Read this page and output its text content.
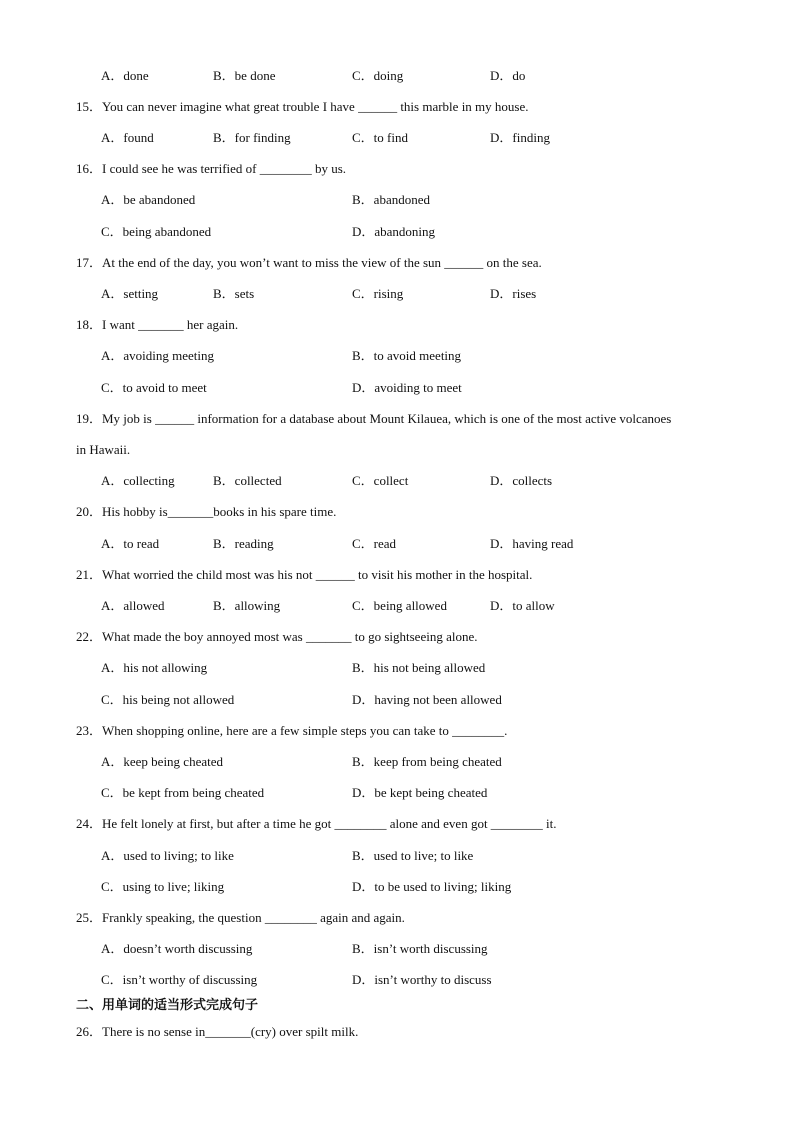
A．done	B．be done	C．doing	D．do
15．You can never imagine what great trouble I have ______ this marble in my house.
A．found	B．for finding	C．to find	D．finding
16．I could see he was terrified of ________ by us.
A．be abandoned	B．abandoned
C．being abandoned	D．abandoning
17．At the end of the day, you won’t want to miss the view of the sun ______ on the sea.
A．setting	B．sets	C．rising	D．rises
18．I want _______ her again.
A．avoiding meeting	B．to avoid meeting
C．to avoid to meet	D．avoiding to meet
19．My job is ______ information for a database about Mount Kilauea, which is one of the most active volcanoes
in Hawaii.
A．collecting	B．collected	C．collect	D．collects
20．His hobby is_______books in his spare time.
A．to read	B．reading	C．read	D．having read
21．What worried the child most was his not ______ to visit his mother in the hospital.
A．allowed	B．allowing	C．being allowed	D．to allow
22．What made the boy annoyed most was _______ to go sightseeing alone.
A．his not allowing	B．his not being allowed
C．his being not allowed	D．having not been allowed
23．When shopping online, here are a few simple steps you can take to ________.
A．keep being cheated	B．keep from being cheated
C．be kept from being cheated	D．be kept being cheated
24．He felt lonely at first, but after a time he got ________ alone and even got ________ it.
A．used to living; to like	B．used to live; to like
C．using to live; liking	D．to be used to living; liking
25．Frankly speaking, the question ________ again and again.
A．doesn’t worth discussing	B．isn’t worth discussing
C．isn’t worthy of discussing	D．isn’t worthy to discuss
二、用单词的适当形式完成句子
26．There is no sense in_______(cry) over spilt milk.
